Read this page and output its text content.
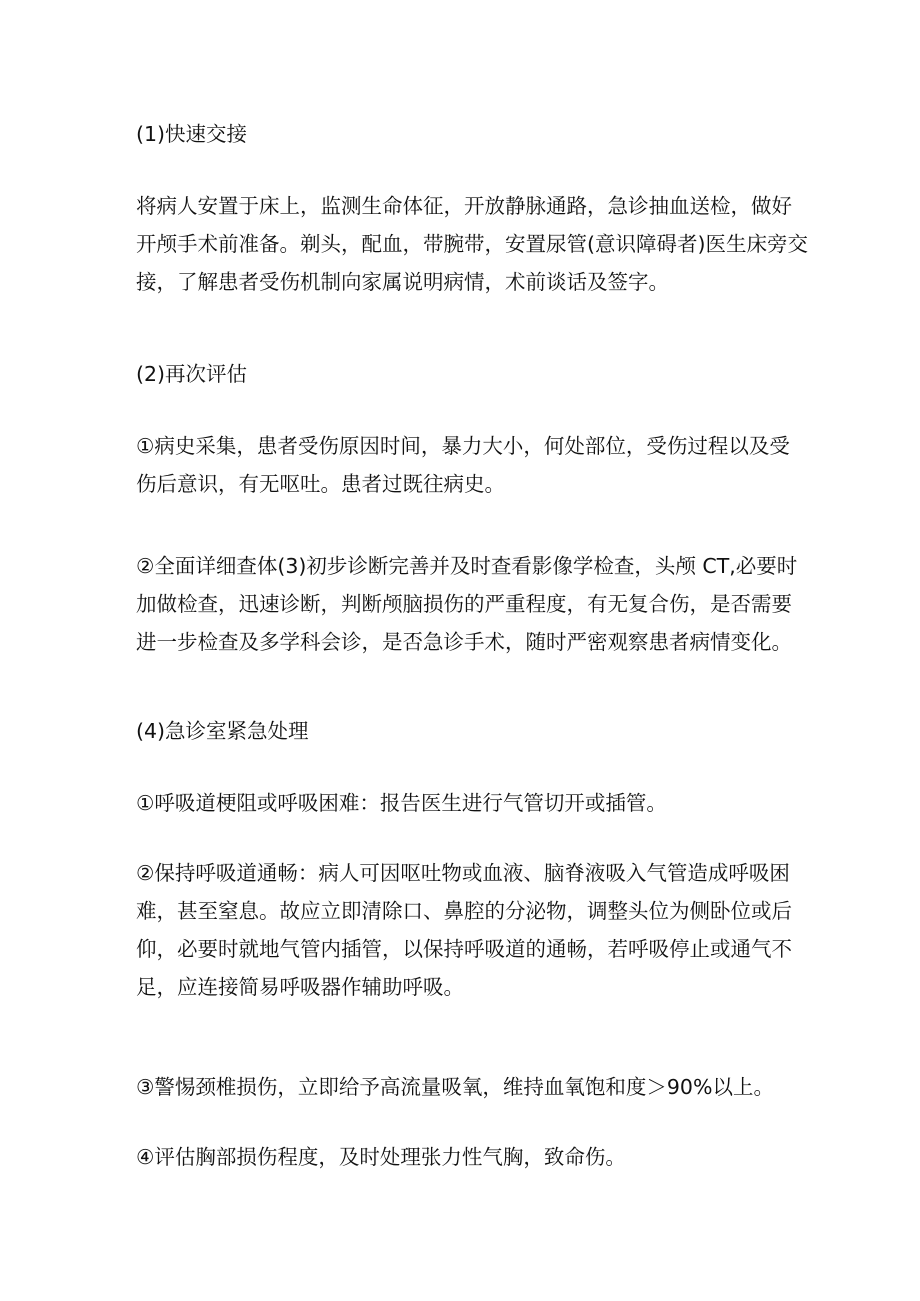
(1)快速交接
将病人安置于床上，监测生命体征，开放静脉通路，急诊抽血送检，做好
开颅手术前准备。剃头，配血，带腕带，安置尿管(意识障碍者)医生床旁交
接，了解患者受伤机制向家属说明病情，术前谈话及签字。
(2)再次评估
①病史采集，患者受伤原因时间，暴力大小，何处部位，受伤过程以及受
伤后意识，有无呕吐。患者过既往病史。
②全面详细查体(3)初步诊断完善并及时查看影像学检查，头颅 CT,必要时
加做检查，迅速诊断，判断颅脑损伤的严重程度，有无复合伤，是否需要
进一步检查及多学科会诊，是否急诊手术，随时严密观察患者病情变化。
(4)急诊室紧急处理
①呼吸道梗阻或呼吸困难：报告医生进行气管切开或插管。
②保持呼吸道通畅：病人可因呕吐物或血液、脑脊液吸入气管造成呼吸困
难，甚至窒息。故应立即清除口、鼻腔的分泌物，调整头位为侧卧位或后
仰，必要时就地气管内插管，以保持呼吸道的通畅，若呼吸停止或通气不
足，应连接简易呼吸器作辅助呼吸。
③警惕颈椎损伤，立即给予高流量吸氧，维持血氧饱和度＞90%以上。
④评估胸部损伤程度，及时处理张力性气胸，致命伤。
